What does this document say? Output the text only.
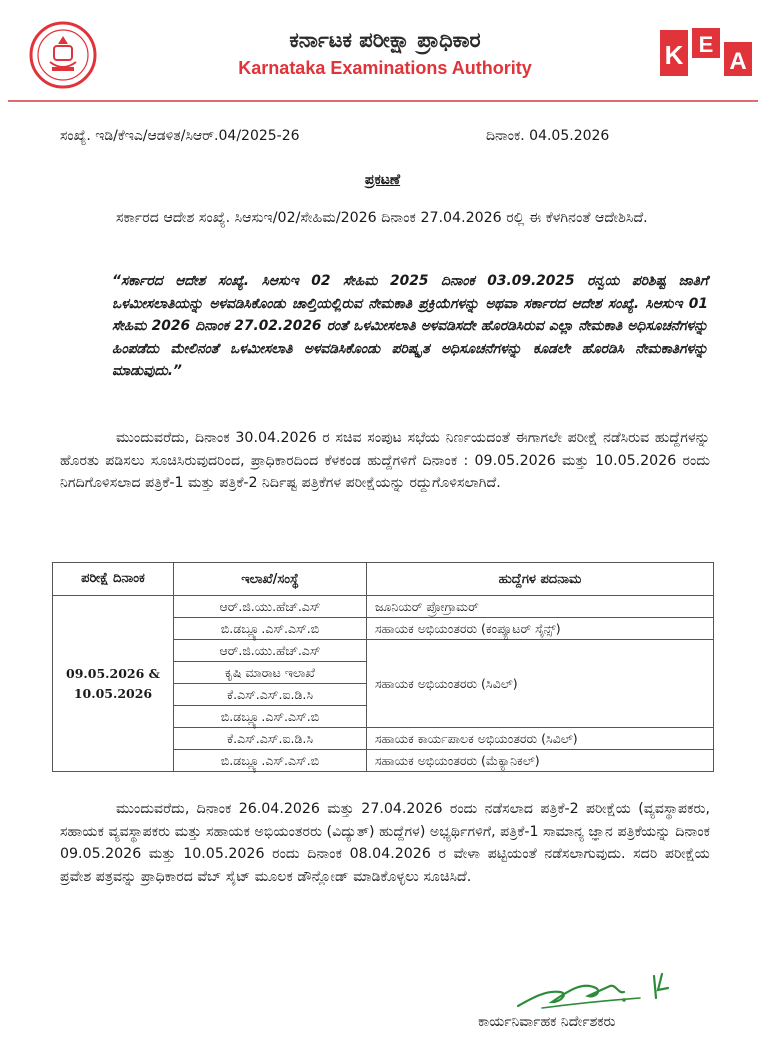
ಕರ್ನಾಟಕ ಪರೀಕ್ಷಾ ಪ್ರಾಧಿಕಾರ
Karnataka Examinations Authority	K E
A
ಸಂಖ್ಯೆ. ಇಡಿ/ಕೆಇಎ/ಆಡಳಿತ/ಸಿಆರ್.04/2025-26	ದಿನಾಂಕ. 04.05.2026
ಪ್ರಕಟಣೆ
ಸರ್ಕಾರದ ಆದೇಶ ಸಂಖ್ಯೆ. ಸಿಆಸುಇ/02/ಸೇಹಿಮ/2026 ದಿನಾಂಕ 27.04.2026 ರಲ್ಲಿ ಈ ಕೆಳಗಿನಂತೆ ಆದೇಶಿಸಿದೆ.
“ಸರ್ಕಾರದ ಆದೇಶ ಸಂಖ್ಯೆ. ಸಿಆಸುಇ 02 ಸೇಹಿಮ 2025 ದಿನಾಂಕ 03.09.2025 ರನ್ವಯ ಪರಿಶಿಷ್ಟ ಜಾತಿಗೆ ಒಳಮೀಸಲಾತಿಯನ್ನು ಅಳವಡಿಸಿಕೊಂಡು ಚಾಲ್ತಿಯಲ್ಲಿರುವ ನೇಮಕಾತಿ ಪ್ರಕ್ರಿಯೆಗಳನ್ನು ಅಥವಾ ಸರ್ಕಾರದ ಆದೇಶ ಸಂಖ್ಯೆ. ಸಿಆಸುಇ 01 ಸೇಹಿಮ 2026 ದಿನಾಂಕ 27.02.2026 ರಂತೆ ಒಳಮೀಸಲಾತಿ ಅಳವಡಿಸದೇ ಹೊರಡಿಸಿರುವ ಎಲ್ಲಾ ನೇಮಕಾತಿ ಅಧಿಸೂಚನೆಗಳನ್ನು ಹಿಂಪಡೆದು ಮೇಲಿನಂತೆ ಒಳಮೀಸಲಾತಿ ಅಳವಡಿಸಿಕೊಂಡು ಪರಿಷ್ಕೃತ ಅಧಿಸೂಚನೆಗಳನ್ನು ಕೂಡಲೇ ಹೊರಡಿಸಿ ನೇಮಕಾತಿಗಳನ್ನು ಮಾಡುವುದು.”
ಮುಂದುವರೆದು, ದಿನಾಂಕ 30.04.2026 ರ ಸಚಿವ ಸಂಪುಟ ಸಭೆಯ ನಿರ್ಣಯದಂತೆ ಈಗಾಗಲೇ ಪರೀಕ್ಷೆ ನಡೆಸಿರುವ ಹುದ್ದೆಗಳನ್ನು ಹೊರತು ಪಡಿಸಲು ಸೂಚಿಸಿರುವುದರಿಂದ, ಪ್ರಾಧಿಕಾರದಿಂದ ಕೆಳಕಂಡ ಹುದ್ದೆಗಳಿಗೆ ದಿನಾಂಕ : 09.05.2026 ಮತ್ತು 10.05.2026 ರಂದು ನಿಗದಿಗೊಳಿಸಲಾದ ಪತ್ರಿಕೆ-1 ಮತ್ತು ಪತ್ರಿಕೆ-2 ನಿರ್ದಿಷ್ಟ ಪತ್ರಿಕೆಗಳ ಪರೀಕ್ಷೆಯನ್ನು ರದ್ದುಗೊಳಿಸಲಾಗಿದೆ.
ಪರೀಕ್ಷೆ ದಿನಾಂಕ	ಇಲಾಖೆ/ಸಂಸ್ಥೆ	ಹುದ್ದೆಗಳ ಪದನಾಮ
09.05.2026 & 10.05.2026	ಆರ್.ಜಿ.ಯು.ಹೆಚ್.ಎಸ್	ಜೂನಿಯರ್ ಪ್ರೋಗ್ರಾಮರ್
	ಬಿ.ಡಬ್ಲ್ಯೂ.ಎಸ್.ಎಸ್.ಬಿ	ಸಹಾಯಕ ಅಭಿಯಂತರರು (ಕಂಪ್ಯೂಟರ್ ಸೈನ್ಸ್)
	ಆರ್.ಜಿ.ಯು.ಹೆಚ್.ಎಸ್	ಸಹಾಯಕ ಅಭಿಯಂತರರು (ಸಿವಿಲ್)
	ಕೃಷಿ ಮಾರಾಟ ಇಲಾಖೆ	
	ಕೆ.ಎಸ್.ಎಸ್.ಐ.ಡಿ.ಸಿ	
	ಬಿ.ಡಬ್ಲ್ಯೂ.ಎಸ್.ಎಸ್.ಬಿ	
	ಕೆ.ಎಸ್.ಎಸ್.ಐ.ಡಿ.ಸಿ	ಸಹಾಯಕ ಕಾರ್ಯಪಾಲಕ ಅಭಿಯಂತರರು (ಸಿವಿಲ್)
	ಬಿ.ಡಬ್ಲ್ಯೂ.ಎಸ್.ಎಸ್.ಬಿ	ಸಹಾಯಕ ಅಭಿಯಂತರರು (ಮೆಕ್ಯಾನಿಕಲ್)
ಮುಂದುವರೆದು, ದಿನಾಂಕ 26.04.2026 ಮತ್ತು 27.04.2026 ರಂದು ನಡೆಸಲಾದ ಪತ್ರಿಕೆ-2 ಪರೀಕ್ಷೆಯ (ವ್ಯವಸ್ಥಾಪಕರು, ಸಹಾಯಕ ವ್ಯವಸ್ಥಾಪಕರು ಮತ್ತು ಸಹಾಯಕ ಅಭಿಯಂತರರು (ವಿದ್ಯುತ್) ಹುದ್ದೆಗಳ) ಅಭ್ಯರ್ಥಿಗಳಿಗೆ, ಪತ್ರಿಕೆ-1 ಸಾಮಾನ್ಯ ಜ್ಞಾನ ಪತ್ರಿಕೆಯನ್ನು ದಿನಾಂಕ 09.05.2026 ಮತ್ತು 10.05.2026 ರಂದು ದಿನಾಂಕ 08.04.2026 ರ ವೇಳಾ ಪಟ್ಟಿಯಂತೆ ನಡೆಸಲಾಗುವುದು. ಸದರಿ ಪರೀಕ್ಷೆಯ ಪ್ರವೇಶ ಪತ್ರವನ್ನು ಪ್ರಾಧಿಕಾರದ ವೆಬ್ ಸೈಟ್ ಮೂಲಕ ಡೌನ್ಲೋಡ್ ಮಾಡಿಕೊಳ್ಳಲು ಸೂಚಿಸಿದೆ.
ಕಾರ್ಯನಿರ್ವಾಹಕ ನಿರ್ದೇಶಕರು
